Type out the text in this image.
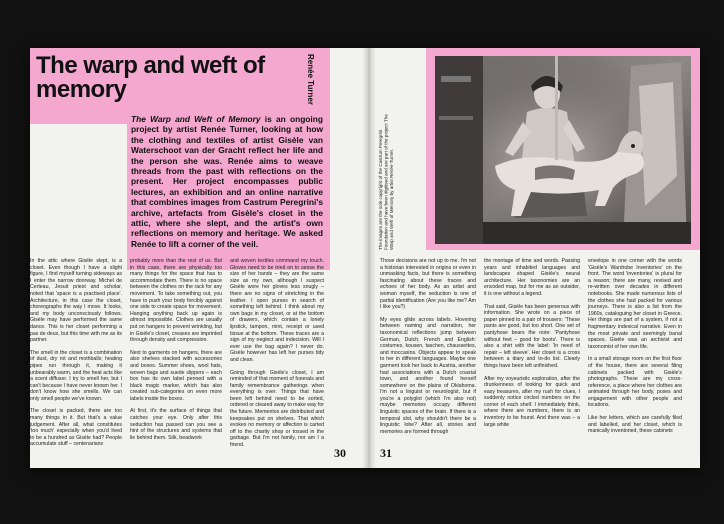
The warp and weft of memory	Renée Turner

The Warp and Weft of Memory is an ongoing project by artist Renée Turner, looking at how the clothing and textiles of artist Gisèle van Waterschoot van der Gracht reflect her life and the person she was. Renée aims to weave threads from the past with reflections on the present. Her project encompasses public lectures, an exhibition and an online narrative that combines images from Castrum Peregrini's archive, artefacts from Gisèle's closet in the attic, where she slept, and the artist's own reflections on memory and heritage. We asked Renée to lift a corner of the veil.

In the attic where Gisèle slept, is a closet. Even though I have a slight figure, I find myself turning sideways as I enter the narrow doorway. Michel de Certeau, Jesuit priest and scholar, noted that 'space is a practised place'. Architecture, in this case the closet, choreographs the way I move. It looks, and my body unconsciously follows. Gisèle may have performed the same dance. This is her closet performing a pas de deux, but this time with me as its partner.

The smell in the closet is a combination of dust, dry rot and mothballs; heating pipes run through it, making it unbearably warm, and the heat acts like a scent diffuser. I try to smell her, but I can't because I have never known her. I don't know how she smells. We can only smell people we've known.

The closet is packed, there are too many things in it. But that's a value judgement. After all, what constitutes 'too much' especially when you'd lived to be a hundred as Gisèle had? People accumulate stuff – centenarians

probably more than the rest of us. But in this case, there are physically too many things for the space that has to accommodate them. There is no space between the clothes on the rack for any movement. To take something out, you have to push your body forcibly against one side to create space for movement. Hanging anything back up again is almost impossible. Clothes are usually put on hangers to prevent wrinkling, but in Gisèle's closet, creases are imprinted through density and compression.

Next to garments on hangers, there are also shelves stacked with accessories and boxes. Summer shoes, wool hats, woven bags and suede slippers – each box has its own label penned with a black magic marker, which has also created sub-categories on even more labels inside the boxes.

At first, it's the surface of things that catches your eye. Only after this seduction has passed can you see a hint of the structures and systems that lie behind them. Silk, beadwork

and woven textiles command my touch. Gloves need to be tried on to sense the size of her hands – they are the same size as my own, although I suspect Gisèle wore her gloves less snugly – there are no signs of stretching in the leather. I open purses in search of something left behind. I think about my own bags in my closet, or at the bottom of drawers, which contain a lonely lipstick, tampon, mint, receipt or used tissue at the bottom. These traces are a sign of my neglect and indecision. Will I ever use the bag again? I never do. Gisèle however has left her purses tidy and clean.

Going through Gisèle's closet, I am reminded of that moment of funerals and family remembrance gatherings when everything is over. Things that have been left behind need to be sorted, ordered or cleared away to make way for the future. Mementos are distributed and keepsakes put on shelves. That which evokes no memory or affection is carted off to the charity shop or tossed in the garbage. But I'm not family, nor am I a friend.

30
The images are the sole copyright of the Castrum Peregrini Foundation and have been digitised and are part of the project The Warp and Weft of Memory by artist Renée Turner.

Those decisions are not up to me. I'm not a historian interested in origins or even in unmasking facts, but there is something fascinating about these traces and echoes of her body. As an artist and woman myself, the seduction is one of partial identification (Are you like me? Am I like you?)

My eyes glide across labels. Hovering between naming and narration, her taxonomical reflections jump between German, Dutch, French and English: costumes, kousen, taschen, chaussettes, and moccasins. Objects appear to speak to her in different languages. Maybe one garment took her back to Austria, another had associations with a Dutch coastal town, and another found herself somewhere on the plains of Oklahoma. I'm not a linguist or neurologist, but if you're a polyglot (which I'm also not) maybe memories occupy different linguistic spaces of the brain. If there is a temporal slot, why shouldn't there be a linguistic lobe? After all, stories and memories are formed through

the montage of time and words. Passing years and inhabited languages and landscapes shaped Gisèle's neural architecture. Her taxonomies are an encoded map, but for me as an outsider, it is one without a legend.

That said, Gisèle has been generous with information. She wrote on a piece of paper pinned to a pair of trousers: 'These pants are good, but too short. One set of pantyhose bears the note: 'Pantyhose without feet – good for boots'. There is also a shirt with the label: 'In need of repair – left sleeve'. Her closet is a cross between a diary and to-do list. Clearly things have been left unfinished.

After my voyeuristic exploration, after the drunkenness of looking for quick and easy treasures, after my rush for clues, I suddenly notice circled numbers on the corner of each shelf. I immediately think, where there are numbers, there is an inventory to be found. And there was – a large white

envelope in one corner with the words 'Gisèle's Wardrobe Inventories' on the front. The word 'inventories' is plural for a reason; there are many, revised and re-written over decades in different notebooks. She made numerous lists of the clothes she had packed for various journeys. There is also a list from the 1960s, cataloguing her closet in Greece. Her things are part of a system, if not a fragmentary indexical narrative. Even in the most private and seemingly banal spaces, Gisèle was an archivist and taxonomist of her own life.

In a small storage room on the first floor of the house, there are several filing cabinets packed with Gisèle's photographs. These are my cross-reference, a place where her clothes are animated through her body, poses and engagement with other people and locations.

Like her letters, which are carefully filed and labelled, and her closet, which is manically inventoried, these cabinets

31
